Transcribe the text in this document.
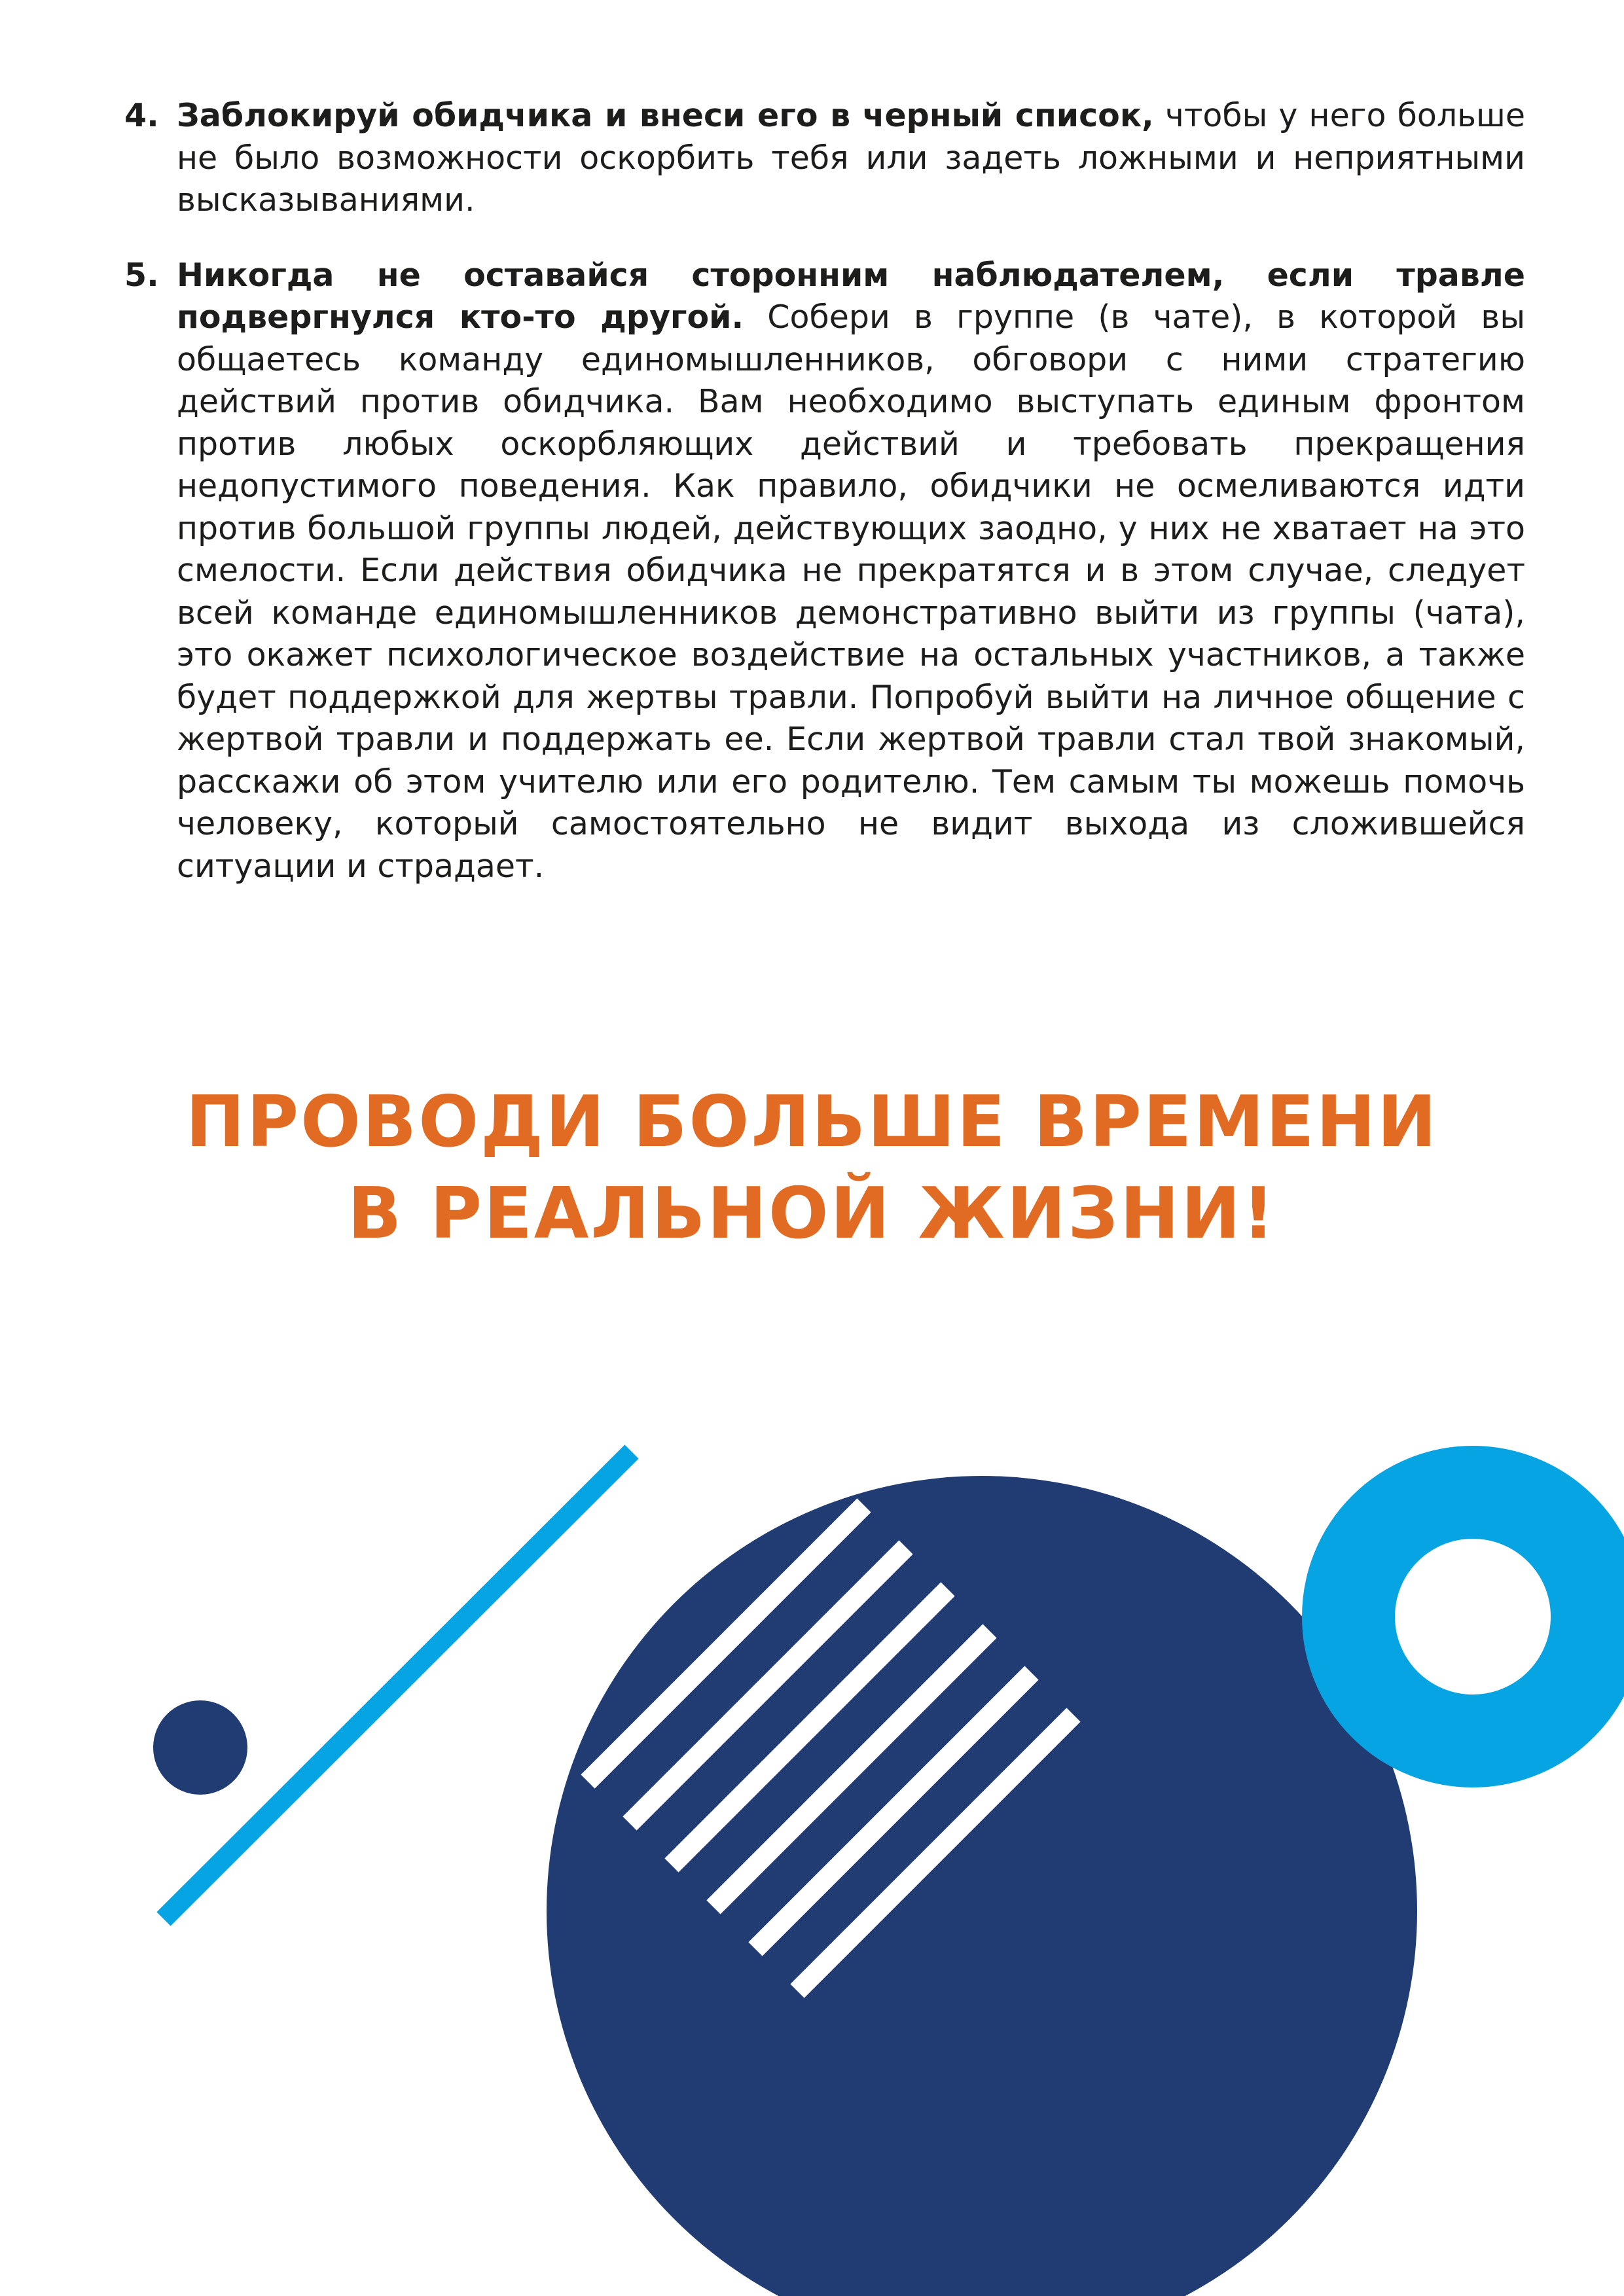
4. Заблокируй обидчика и внеси его в черный список, чтобы у него больше не было возможности оскорбить тебя или задеть ложными и неприятными высказываниями.
5. Никогда не оставайся сторонним наблюдателем, если травле подвергнулся кто-то другой. Собери в группе (в чате), в которой вы общаетесь команду единомышленников, обговори с ними стратегию действий против обидчика. Вам необходимо выступать единым фронтом против любых оскорбляющих действий и требовать прекращения недопустимого поведения. Как правило, обидчики не осмеливаются идти против большой группы людей, действующих заодно, у них не хватает на это смелости. Если действия обидчика не прекратятся и в этом случае, следует всей команде единомышленников демонстративно выйти из группы (чата), это окажет психологическое воздействие на остальных участников, а также будет поддержкой для жертвы травли. Попробуй выйти на личное общение с жертвой травли и поддержать ее. Если жертвой травли стал твой знакомый, расскажи об этом учителю или его родителю. Тем самым ты можешь помочь человеку, который самостоятельно не видит выхода из сложившейся ситуации и страдает.
ПРОВОДИ БОЛЬШЕ ВРЕМЕНИ
В РЕАЛЬНОЙ ЖИЗНИ!
